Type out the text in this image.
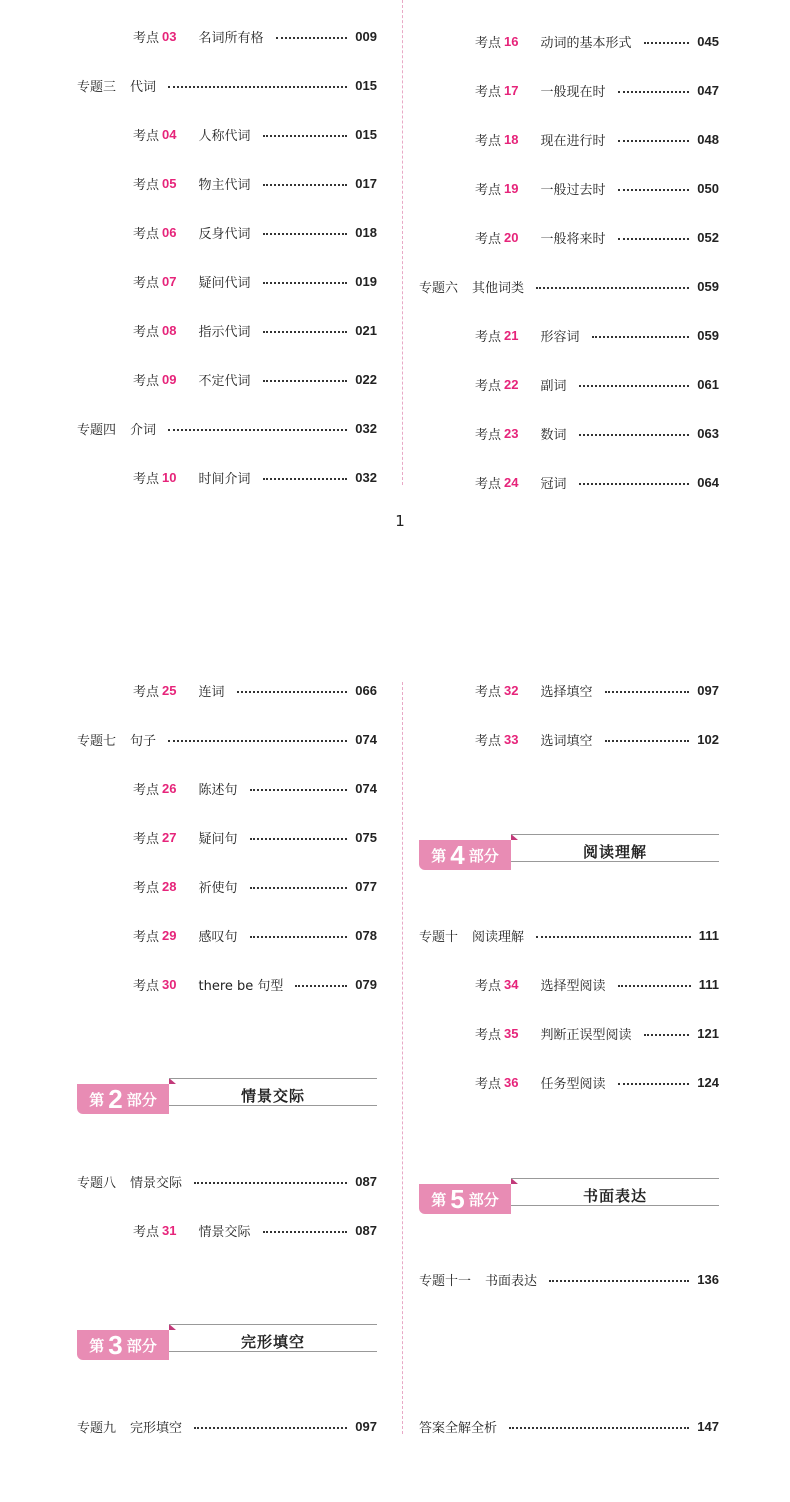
1
考点 03 名词所有格	009
专题三 代词	015
考点 04 人称代词	015
考点 05 物主代词	017
考点 06 反身代词	018
考点 07 疑问代词	019
考点 08 指示代词	021
考点 09 不定代词	022
专题四 介词	032
考点 10 时间介词	032
考点 16 动词的基本形式	045
考点 17 一般现在时	047
考点 18 现在进行时	048
考点 19 一般过去时	050
考点 20 一般将来时	052
专题六 其他词类	059
考点 21 形容词	059
考点 22 副词	061
考点 23 数词	063
考点 24 冠词	064
考点 25 连词	066
专题七 句子	074
考点 26 陈述句	074
考点 27 疑问句	075
考点 28 祈使句	077
考点 29 感叹句	078
考点 30 there be 句型	079
专题八 情景交际	087
考点 31 情景交际	087
专题九 完形填空	097
考点 32 选择填空	097
考点 33 选词填空	102
专题十 阅读理解	111
考点 34 选择型阅读	111
考点 35 判断正误型阅读	121
考点 36 任务型阅读	124
专题十一 书面表达	136
答案全解全析	147
第 2 部分	情景交际
第 3 部分	完形填空
第 4 部分	阅读理解
第 5 部分	书面表达
